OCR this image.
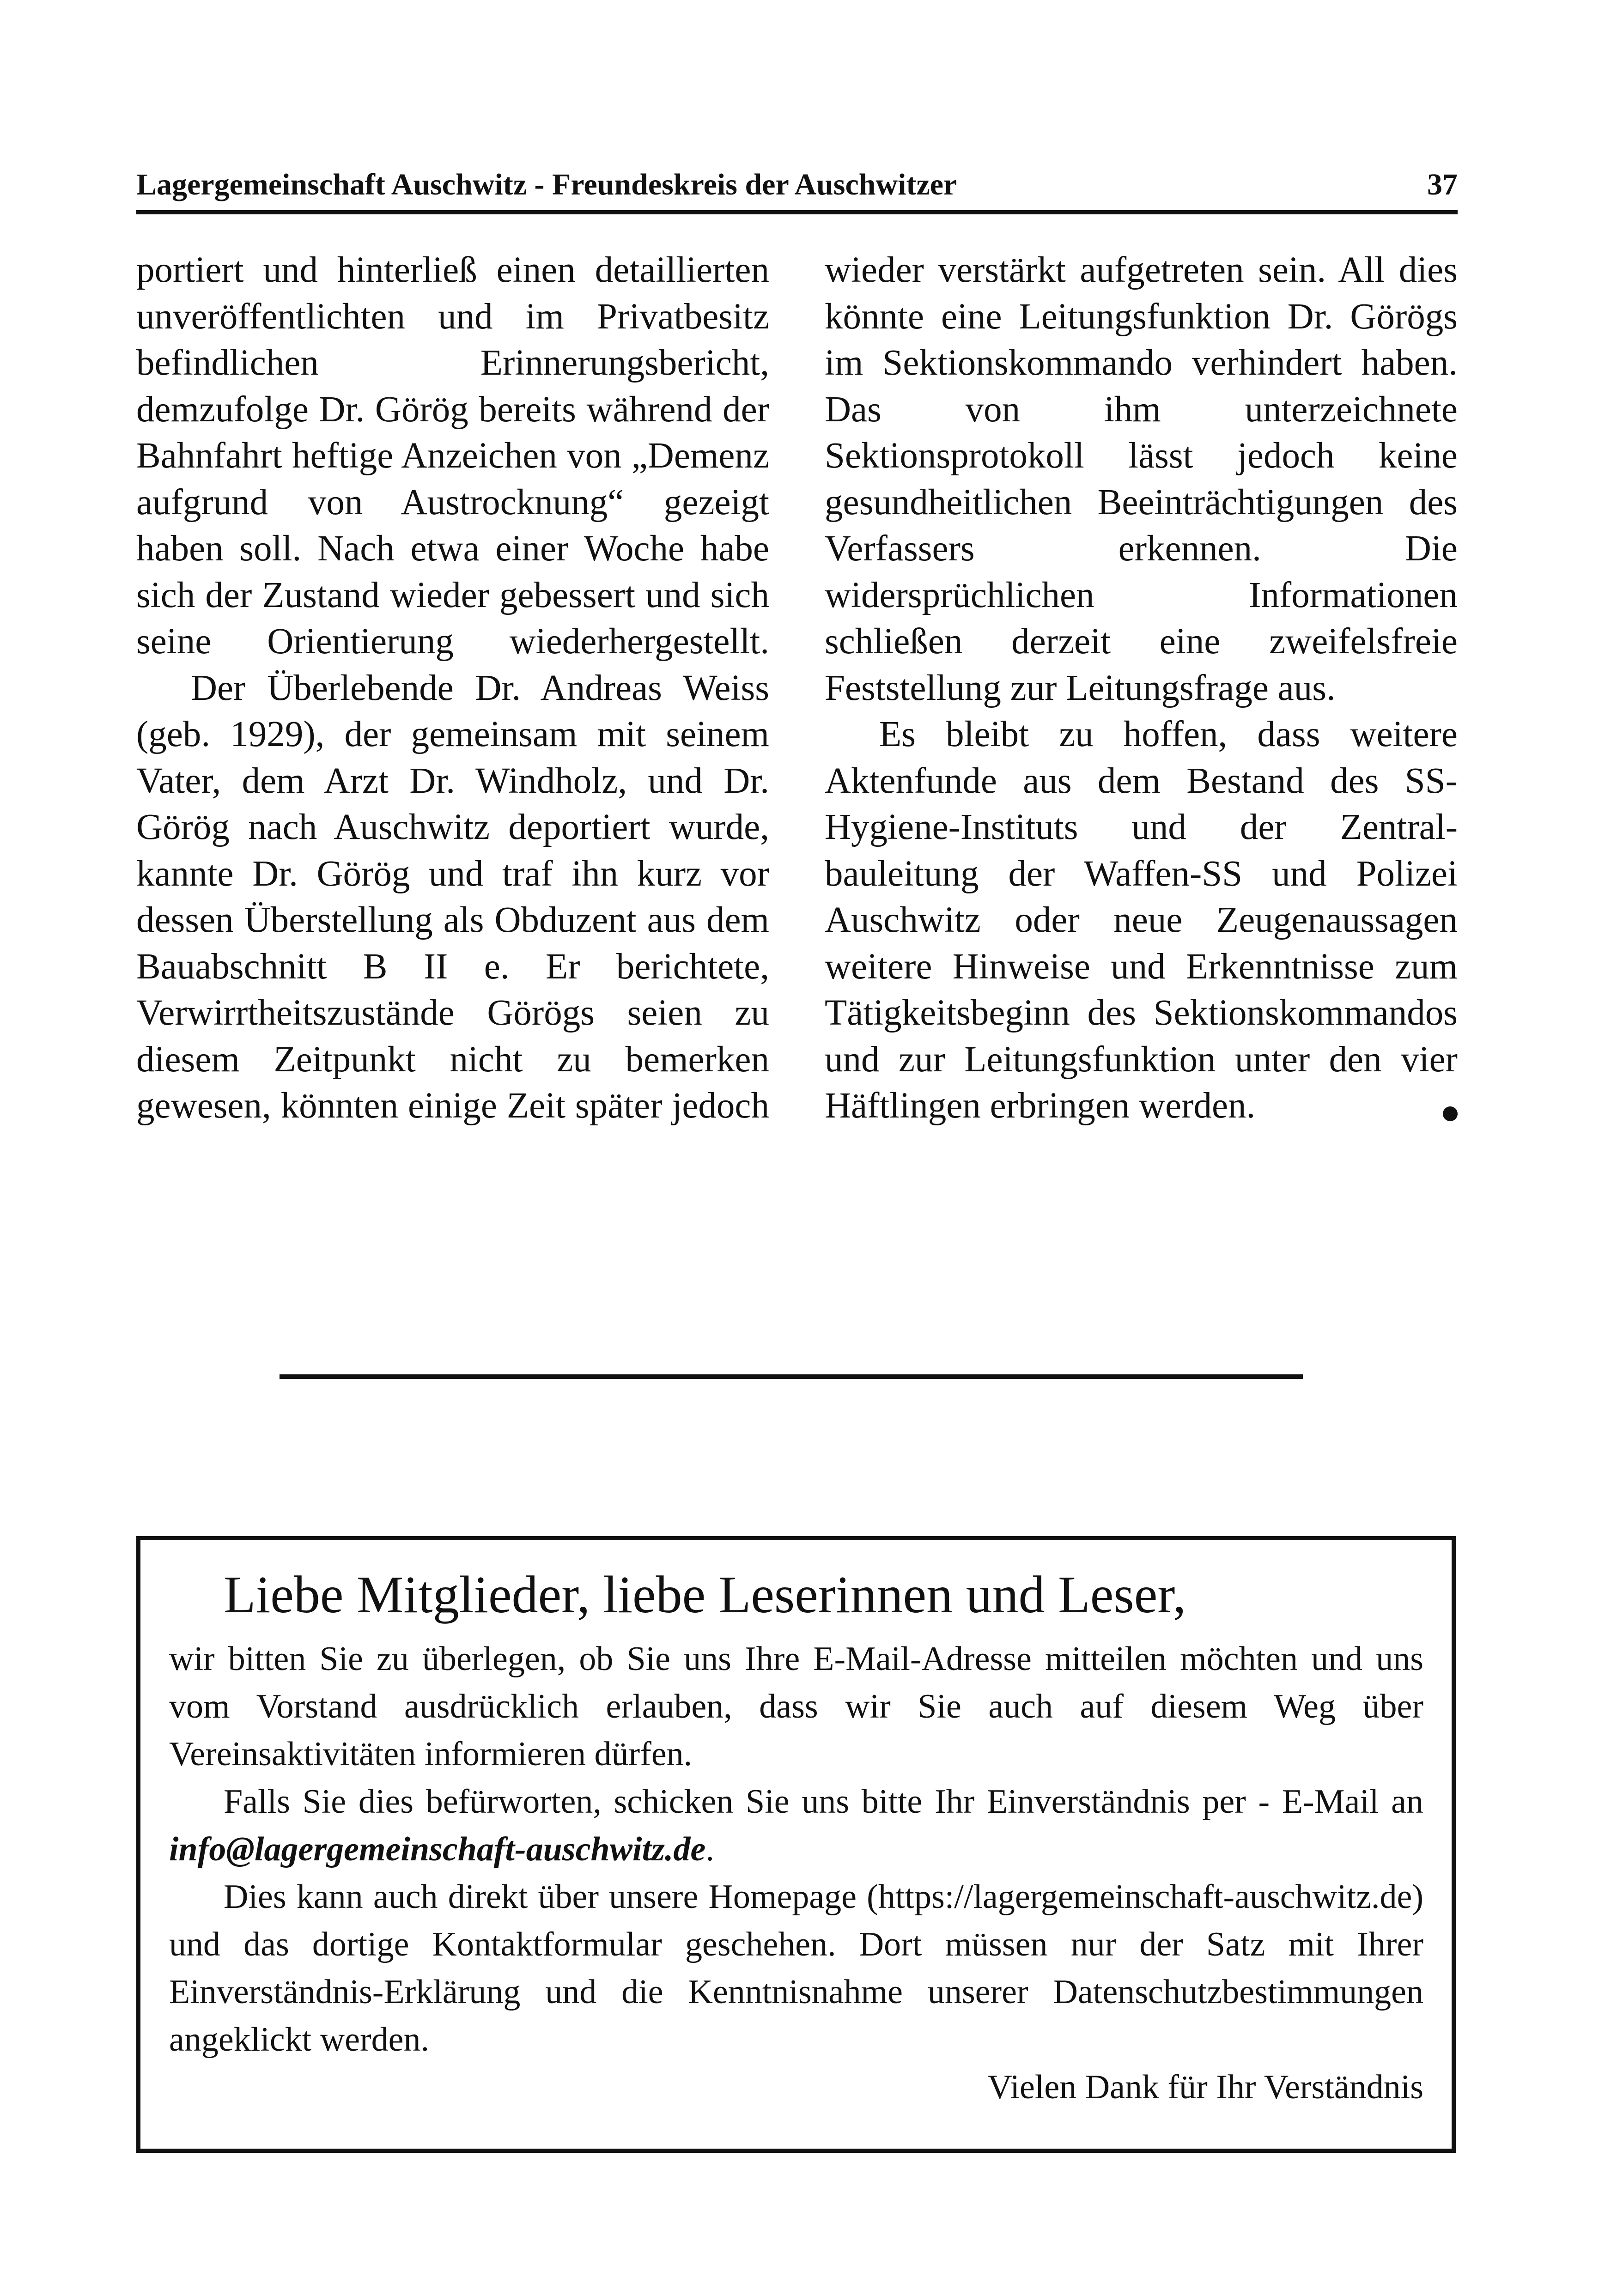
Lagergemeinschaft Auschwitz - Freundeskreis der Auschwitzer	37

portiert und hinterließ einen detaillierten unveröffentlichten und im Privatbesitz befindlichen Erinnerungsbericht, demzufolge Dr. Görög bereits während der Bahnfahrt heftige Anzeichen von „Demenz aufgrund von Austrocknung“ gezeigt haben soll. Nach etwa einer Woche habe sich der Zustand wieder gebessert und sich seine Orientierung wiederhergestellt.

Der Überlebende Dr. Andreas Weiss (geb. 1929), der gemeinsam mit seinem Vater, dem Arzt Dr. Windholz, und Dr. Görög nach Auschwitz deportiert wurde, kannte Dr. Görög und traf ihn kurz vor dessen Überstellung als Obduzent aus dem Bauabschnitt B II e. Er berichtete, Verwirrtheitszustände Görögs seien zu diesem Zeitpunkt nicht zu bemerken gewesen, könnten einige Zeit später jedoch

wieder verstärkt aufgetreten sein. All dies könnte eine Leitungsfunktion Dr. Görögs im Sektionskommando verhindert haben. Das von ihm unterzeichnete Sektionsprotokoll lässt jedoch keine gesundheitlichen Beeinträchtigungen des Verfassers erkennen. Die widersprüchlichen Informationen schließen derzeit eine zweifelsfreie Feststellung zur Leitungsfrage aus.

Es bleibt zu hoffen, dass weitere Aktenfunde aus dem Bestand des SS-Hygiene-Instituts und der Zentralbauleitung der Waffen-SS und Polizei Auschwitz oder neue Zeugenaussagen weitere Hinweise und Erkenntnisse zum Tätigkeitsbeginn des Sektionskommandos und zur Leitungsfunktion unter den vier Häftlingen erbringen werden.

Liebe Mitglieder, liebe Leserinnen und Leser,

wir bitten Sie zu überlegen, ob Sie uns Ihre E-Mail-Adresse mitteilen möchten und uns vom Vorstand ausdrücklich erlauben, dass wir Sie auch auf diesem Weg über Vereinsaktivitäten informieren dürfen.

Falls Sie dies befürworten, schicken Sie uns bitte Ihr Einverständnis per - E-Mail an info@lagergemeinschaft-auschwitz.de.

Dies kann auch direkt über unsere Homepage (https://lagergemeinschaft-auschwitz.de) und das dortige Kontaktformular geschehen. Dort müssen nur der Satz mit Ihrer Einverständnis-Erklärung und die Kenntnisnahme unserer Datenschutzbestimmungen angeklickt werden.

Vielen Dank für Ihr Verständnis
